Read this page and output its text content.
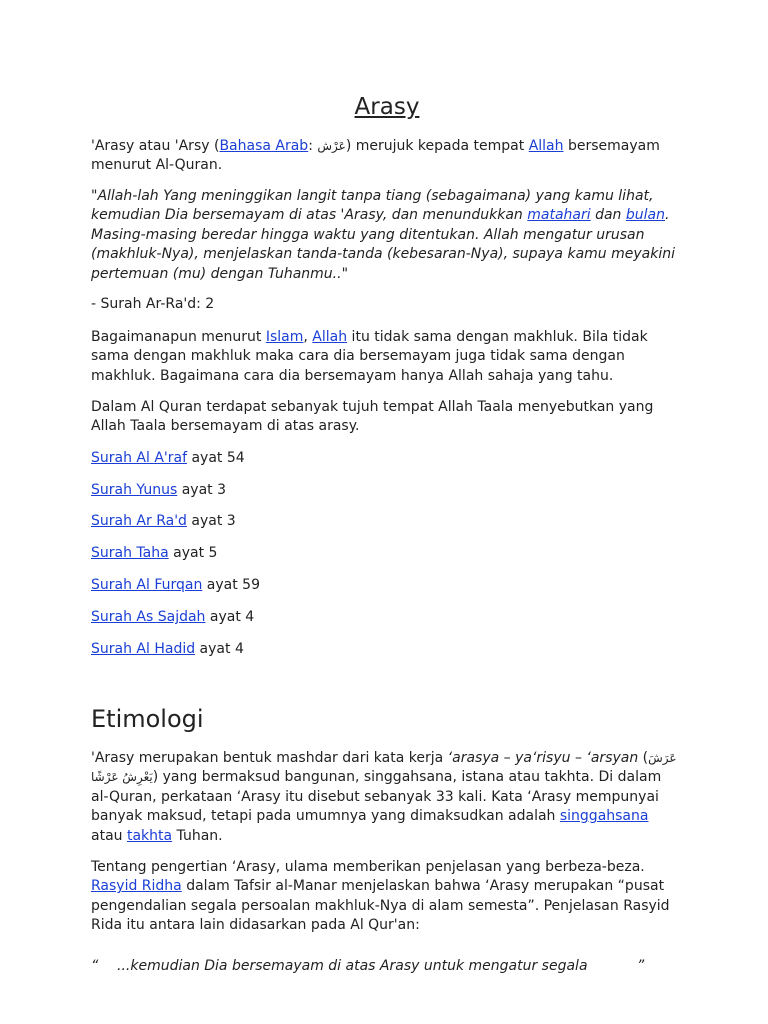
Arasy

'Arasy atau 'Arsy (Bahasa Arab: عَرْش) merujuk kepada tempat Allah bersemayam menurut Al-Quran.

"Allah-lah Yang meninggikan langit tanpa tiang (sebagaimana) yang kamu lihat, kemudian Dia bersemayam di atas 'Arasy, dan menundukkan matahari dan bulan. Masing-masing beredar hingga waktu yang ditentukan. Allah mengatur urusan (makhluk-Nya), menjelaskan tanda-tanda (kebesaran-Nya), supaya kamu meyakini pertemuan (mu) dengan Tuhanmu.."

- Surah Ar-Ra'd: 2

Bagaimanapun menurut Islam, Allah itu tidak sama dengan makhluk. Bila tidak sama dengan makhluk maka cara dia bersemayam juga tidak sama dengan makhluk. Bagaimana cara dia bersemayam hanya Allah sahaja yang tahu.

Dalam Al Quran terdapat sebanyak tujuh tempat Allah Taala menyebutkan yang Allah Taala bersemayam di atas arasy.

Surah Al A'raf ayat 54

Surah Yunus ayat 3

Surah Ar Ra'd ayat 3

Surah Taha ayat 5

Surah Al Furqan ayat 59

Surah As Sajdah ayat 4

Surah Al Hadid ayat 4

Etimologi

'Arasy merupakan bentuk mashdar dari kata kerja ‘arasya – ya‘risyu – ‘arsyan (عَرَشَ يَعْرِشُ عَرْشًا) yang bermaksud bangunan, singgahsana, istana atau takhta. Di dalam al-Quran, perkataan ‘Arasy itu disebut sebanyak 33 kali. Kata ‘Arasy mempunyai banyak maksud, tetapi pada umumnya yang dimaksudkan adalah singgahsana atau takhta Tuhan.

Tentang pengertian ‘Arasy, ulama memberikan penjelasan yang berbeza-beza. Rasyid Ridha dalam Tafsir al-Manar menjelaskan bahwa ‘Arasy merupakan “pusat pengendalian segala persoalan makhluk-Nya di alam semesta”. Penjelasan Rasyid Rida itu antara lain didasarkan pada Al Qur'an:

“ ...kemudian Dia bersemayam di atas Arasy untuk mengatur segala	”
